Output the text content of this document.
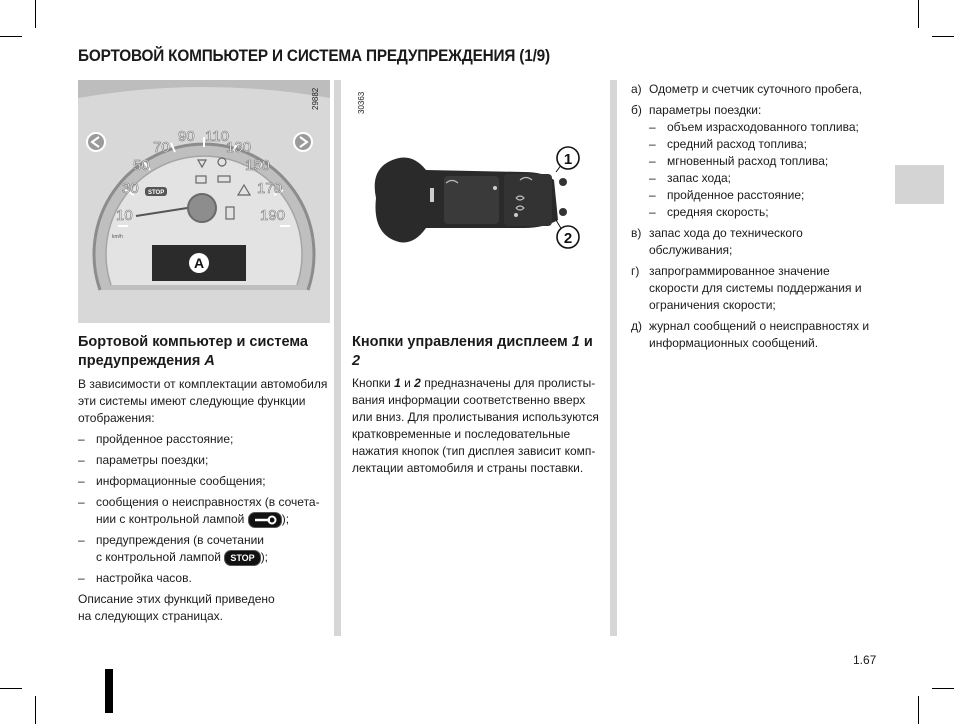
БОРТОВОЙ КОМПЬЮТЕР И СИСТЕМА ПРЕДУПРЕЖДЕНИЯ (1/9)
10
30
50
70
90 110
130
150
170
190
km/h
STOP
A
29882
1
2
30363
Бортовой компьютер и система
предупреждения A
В зависимости от комплектации автомобиля эти системы имеют следующие функции отображения:
– пройденное расстояние;
– параметры поездки;
– информационные сообщения;
– сообщения о неисправностях (в сочета-
нии с контрольной лампой	);
– предупреждения (в сочетании
с контрольной лампой STOP );
– настройка часов.
Описание этих функций приведено на следующих страницах.
Кнопки управления дисплеем 1 и 2
Кнопки 1 и 2 предназначены для пролисты-вания информации соответственно вверх или вниз. Для пролистывания используются кратковременные и последовательные нажатия кнопок (тип дисплея зависит комп-лектации автомобиля и страны поставки.
а) Одометр и счетчик суточного пробега,
б) параметры поездки:
– объем израсходованного топлива;
– средний расход топлива;
– мгновенный расход топлива;
– запас хода;
– пройденное расстояние;
– средняя скорость;
в) запас хода до технического обслуживания;
г) запрограммированное значение скорости для системы поддержания и ограничения скорости;
д) журнал сообщений о неисправностях и информационных сообщений.
1.67
